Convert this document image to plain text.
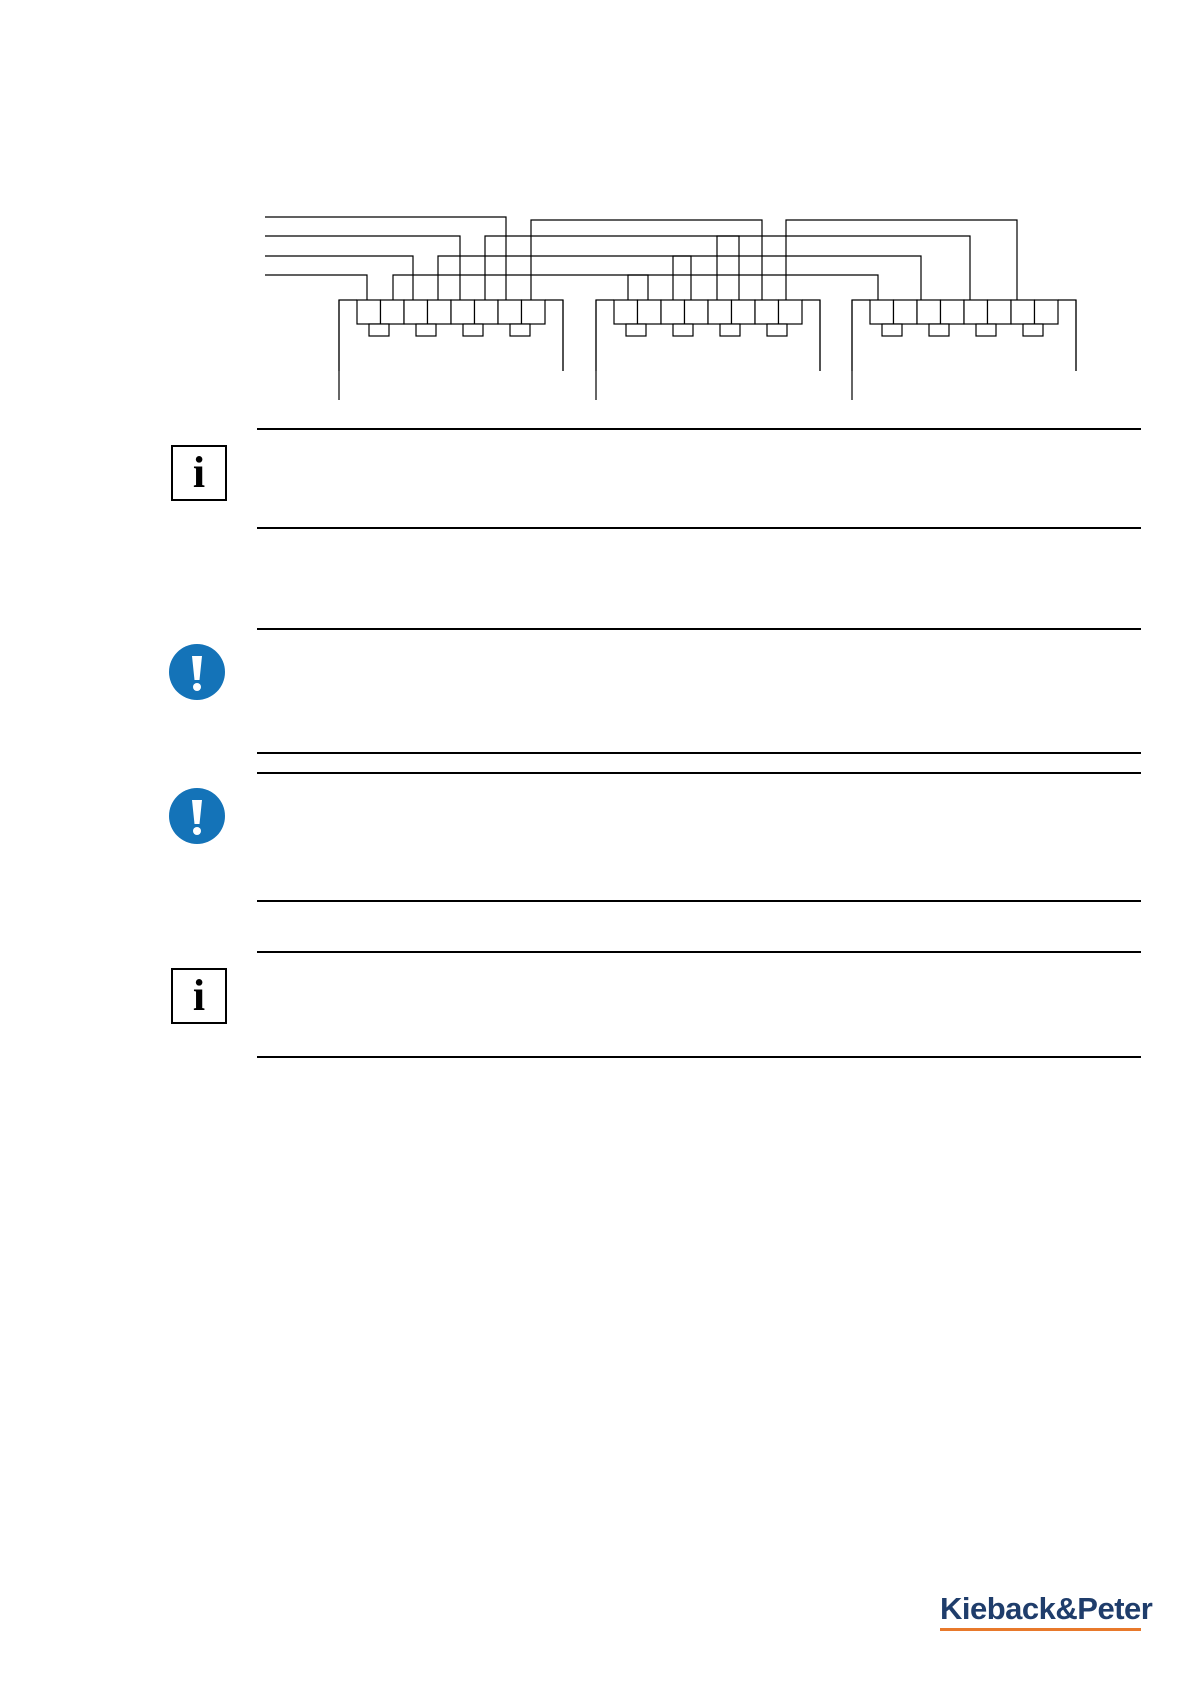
i
i
Kieback&Peter
